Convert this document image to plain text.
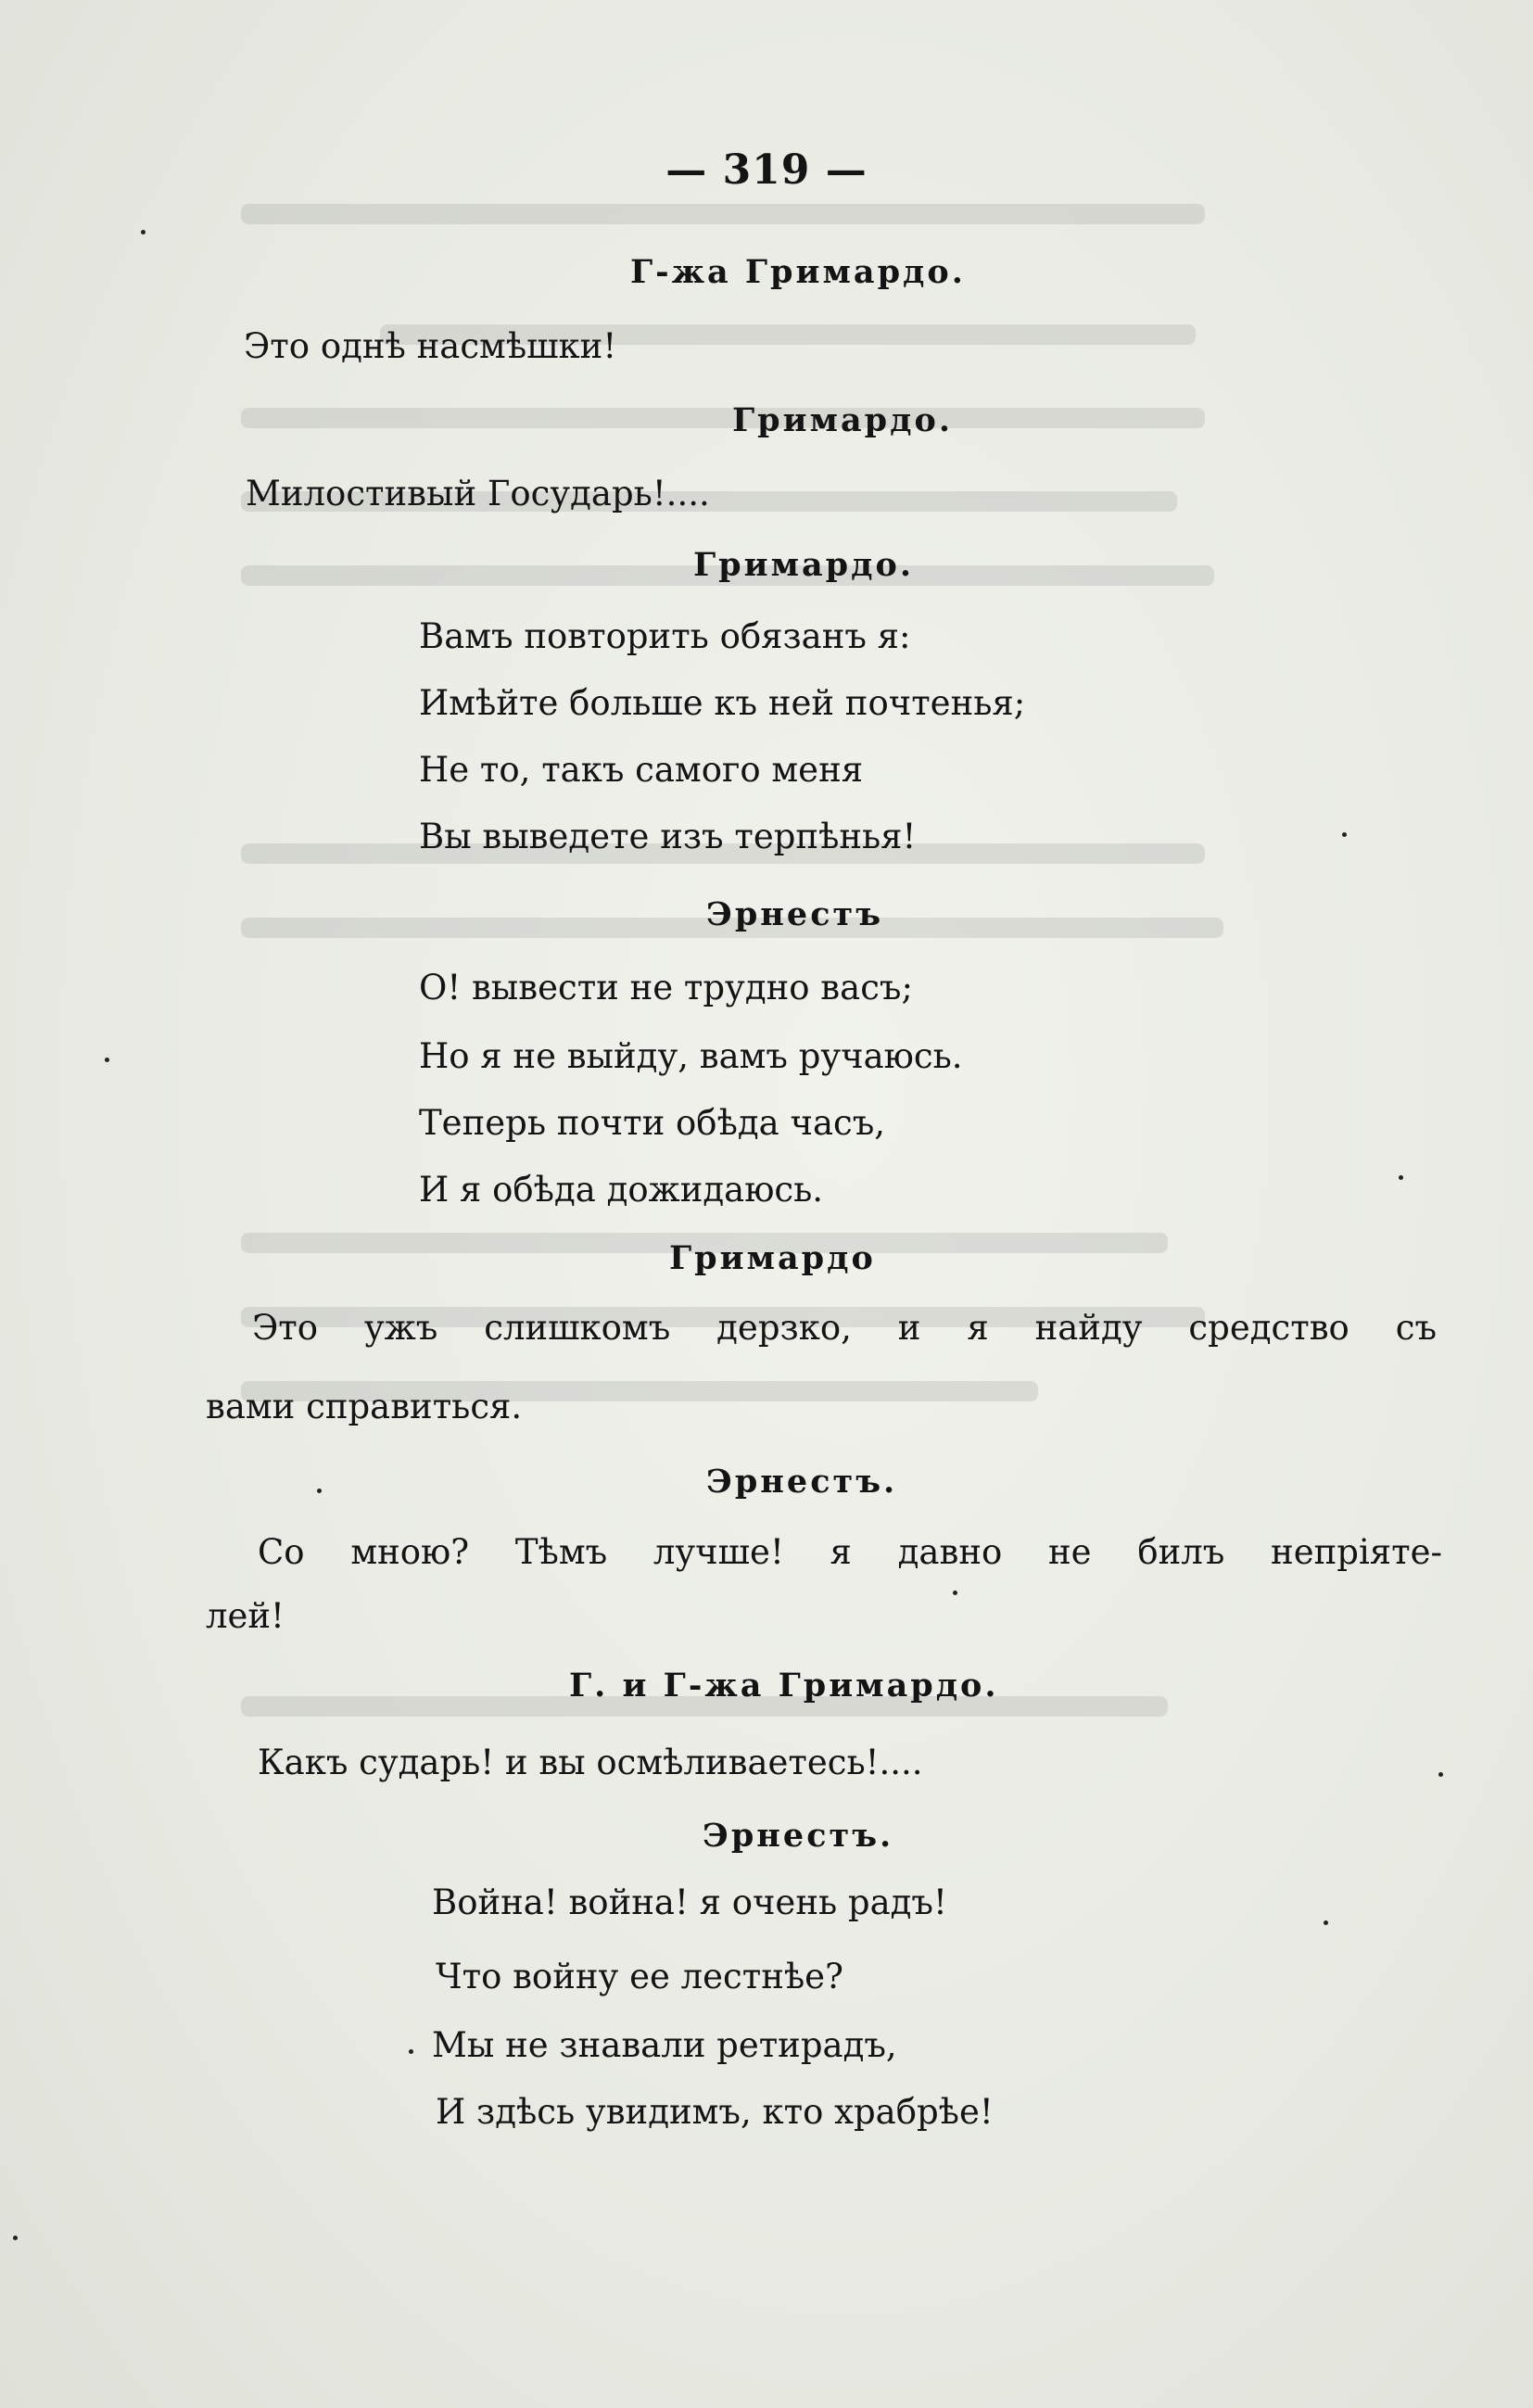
— 319 —
Г-жа Гримардо.
Это однѣ насмѣшки!
Гримардо.
Милостивый Государь!....
Гримардо.
Вамъ повторить обязанъ я:
Имѣйте больше къ ней почтенья;
Не то, такъ самого меня
Вы выведете изъ терпѣнья!
Эрнестъ
О! вывести не трудно васъ;
Но я не выйду, вамъ ручаюсь.
Теперь почти обѣда часъ,
И я обѣда дожидаюсь.
Гримардо
Это ужъ слишкомъ дерзко, и я найду средство съ
вами справиться.
Эрнестъ.
Со мною? Тѣмъ лучше! я давно не билъ непріяте-
лей!
Г. и Г-жа Гримардо.
Какъ сударь! и вы осмѣливаетесь!....
Эрнестъ.
Война! война! я очень радъ!
Что войну ее лестнѣе?
Мы не знавали ретирадъ,
И здѣсь увидимъ, кто храбрѣе!
